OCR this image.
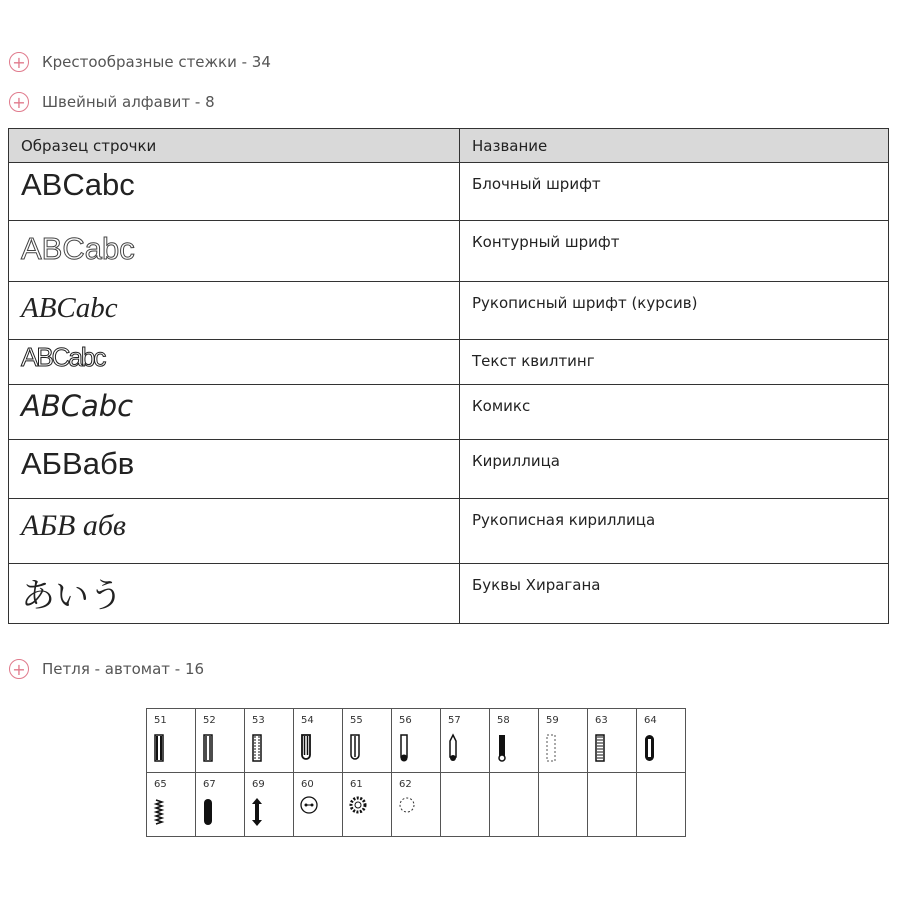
+ Крестообразные стежки - 34
+ Швейный алфавит - 8
Образец строчки	Название

ABCabc	Блочный шрифт

ABCabc	Контурный шрифт

ABCabc	Рукописный шрифт (курсив)

ABCabc	Текст квилтинг

ABCabc	Комикс

АБВабв	Кириллица

АБВ абв	Рукописная кириллица

あいう	Буквы Хирагана
+ Петля - автомат - 16
51	52	53	54	55	56	57	58	59	63	64

65	67	69	60	61	62					
